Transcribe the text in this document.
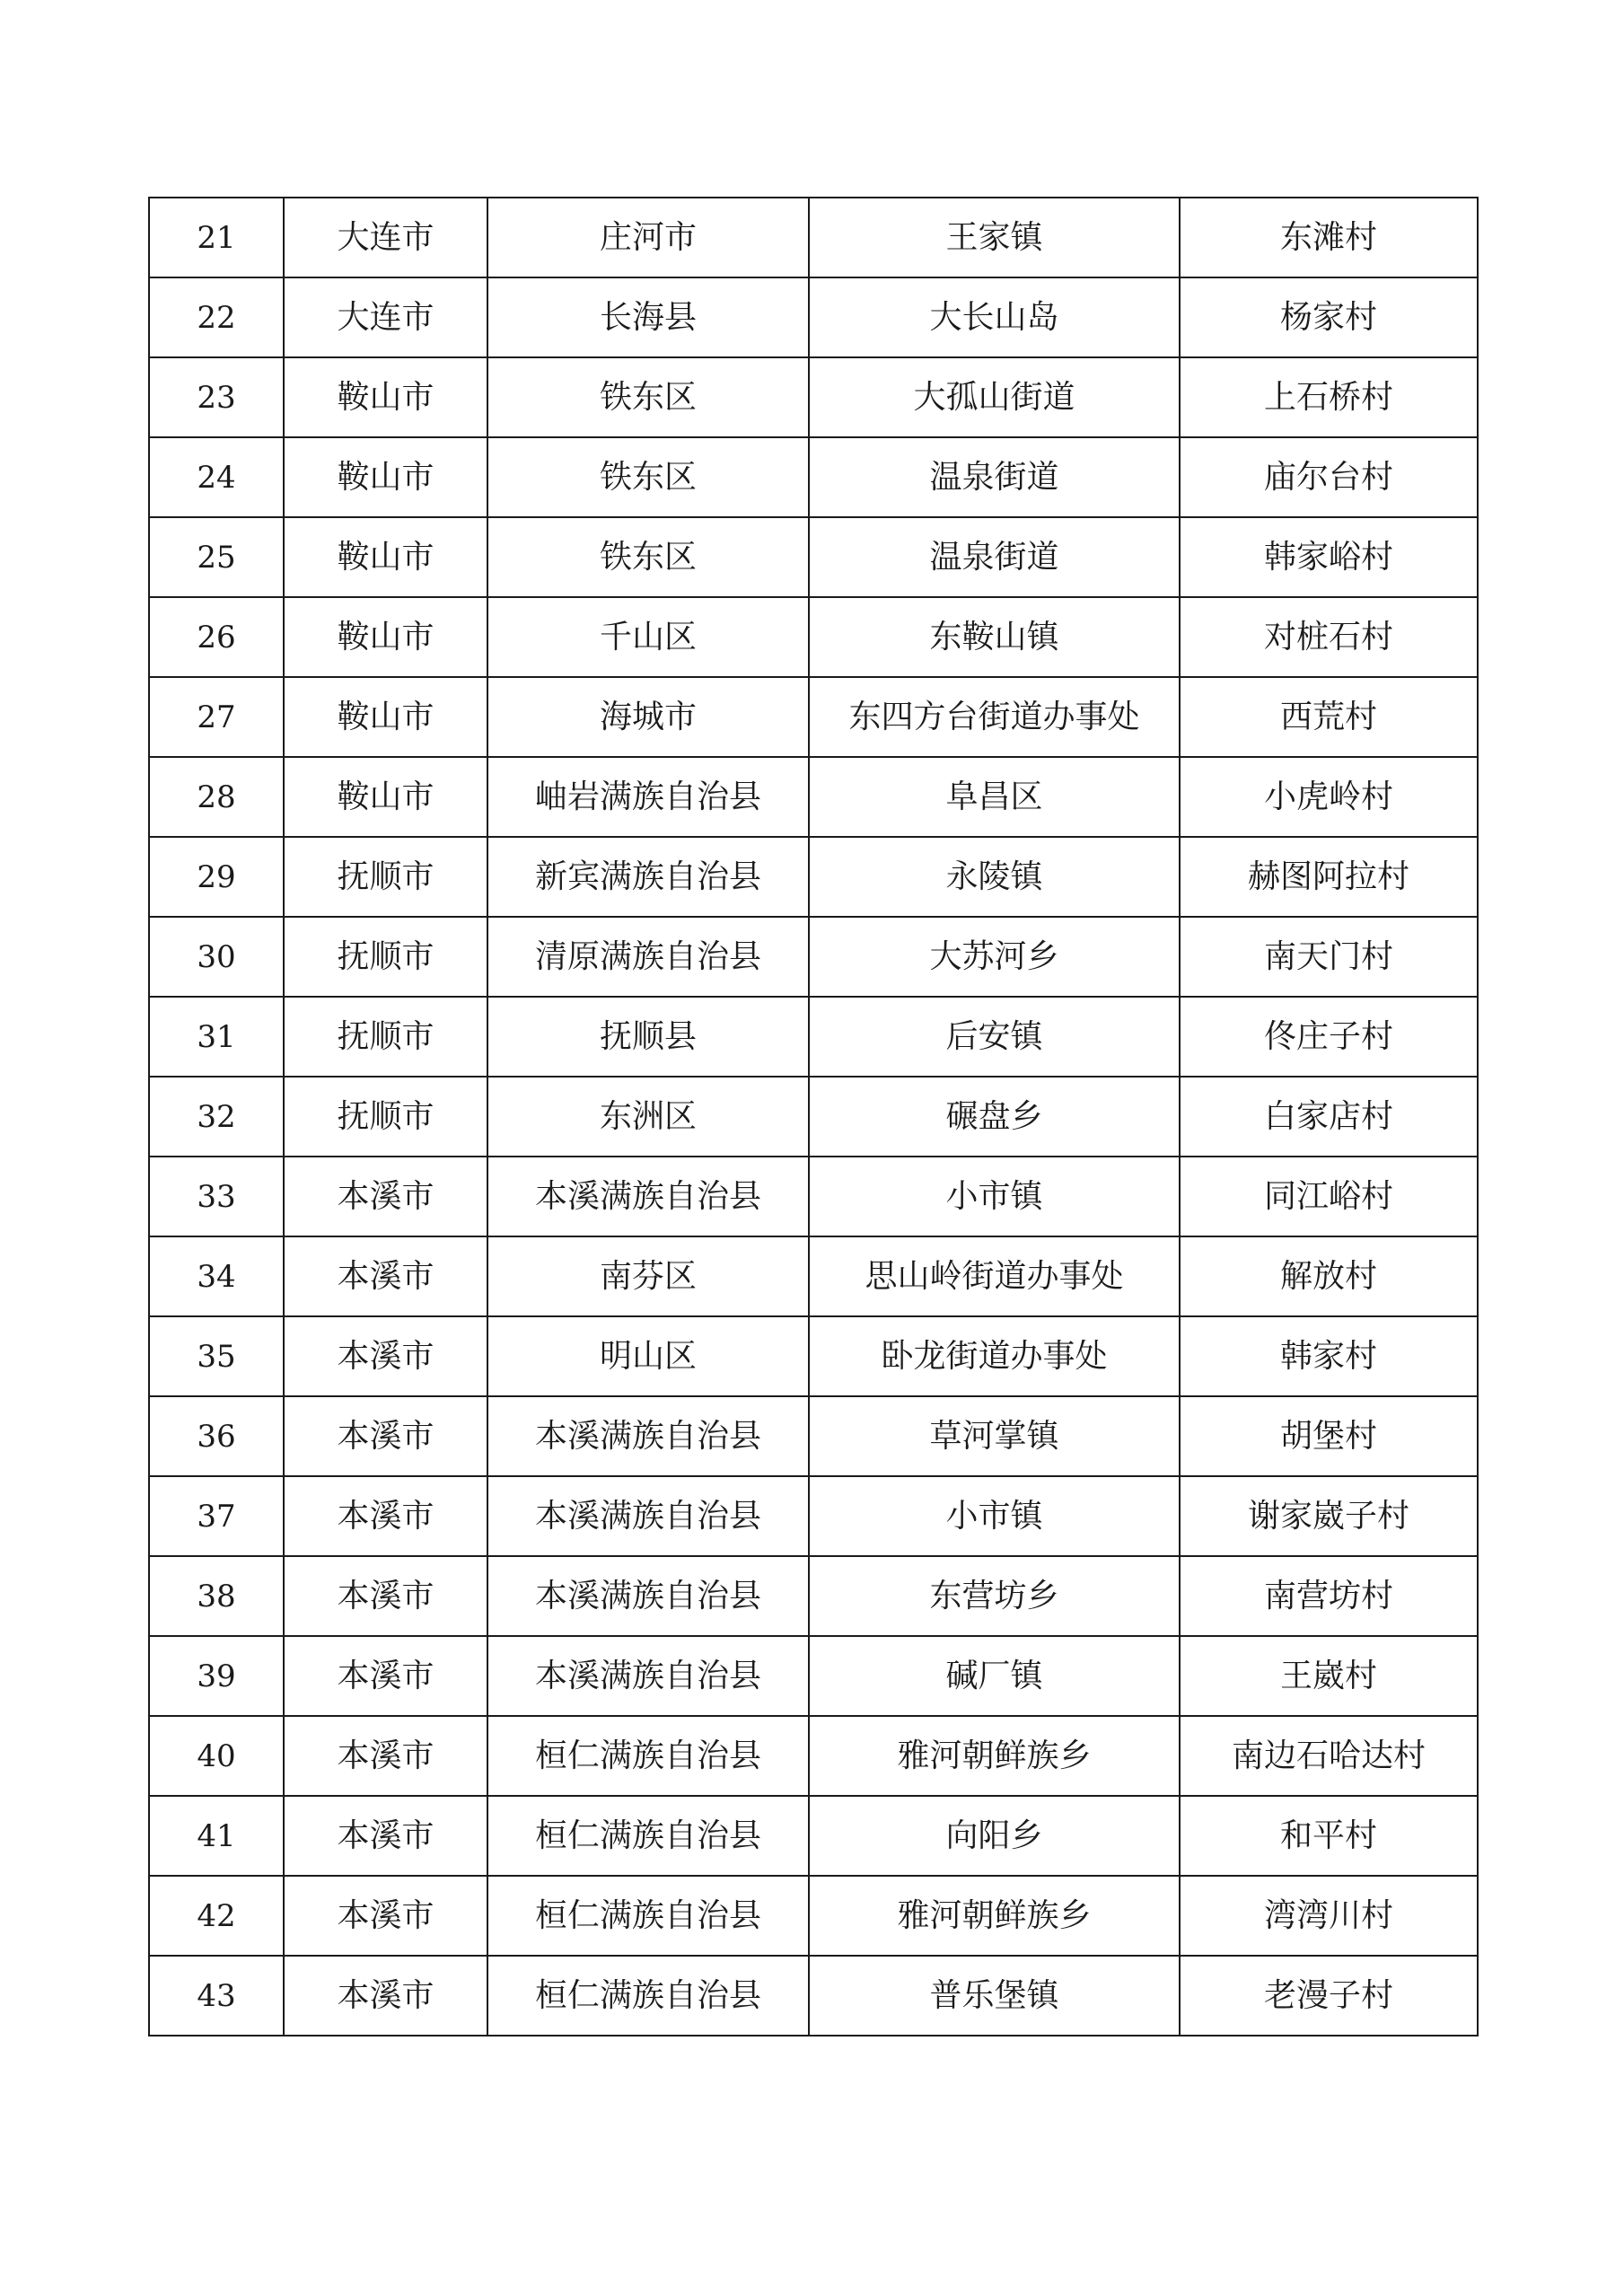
21	大连市	庄河市	王家镇	东滩村
22	大连市	长海县	大长山岛	杨家村
23	鞍山市	铁东区	大孤山街道	上石桥村
24	鞍山市	铁东区	温泉街道	庙尔台村
25	鞍山市	铁东区	温泉街道	韩家峪村
26	鞍山市	千山区	东鞍山镇	对桩石村
27	鞍山市	海城市	东四方台街道办事处	西荒村
28	鞍山市	岫岩满族自治县	阜昌区	小虎岭村
29	抚顺市	新宾满族自治县	永陵镇	赫图阿拉村
30	抚顺市	清原满族自治县	大苏河乡	南天门村
31	抚顺市	抚顺县	后安镇	佟庄子村
32	抚顺市	东洲区	碾盘乡	白家店村
33	本溪市	本溪满族自治县	小市镇	同江峪村
34	本溪市	南芬区	思山岭街道办事处	解放村
35	本溪市	明山区	卧龙街道办事处	韩家村
36	本溪市	本溪满族自治县	草河掌镇	胡堡村
37	本溪市	本溪满族自治县	小市镇	谢家崴子村
38	本溪市	本溪满族自治县	东营坊乡	南营坊村
39	本溪市	本溪满族自治县	碱厂镇	王崴村
40	本溪市	桓仁满族自治县	雅河朝鲜族乡	南边石哈达村
41	本溪市	桓仁满族自治县	向阳乡	和平村
42	本溪市	桓仁满族自治县	雅河朝鲜族乡	湾湾川村
43	本溪市	桓仁满族自治县	普乐堡镇	老漫子村
